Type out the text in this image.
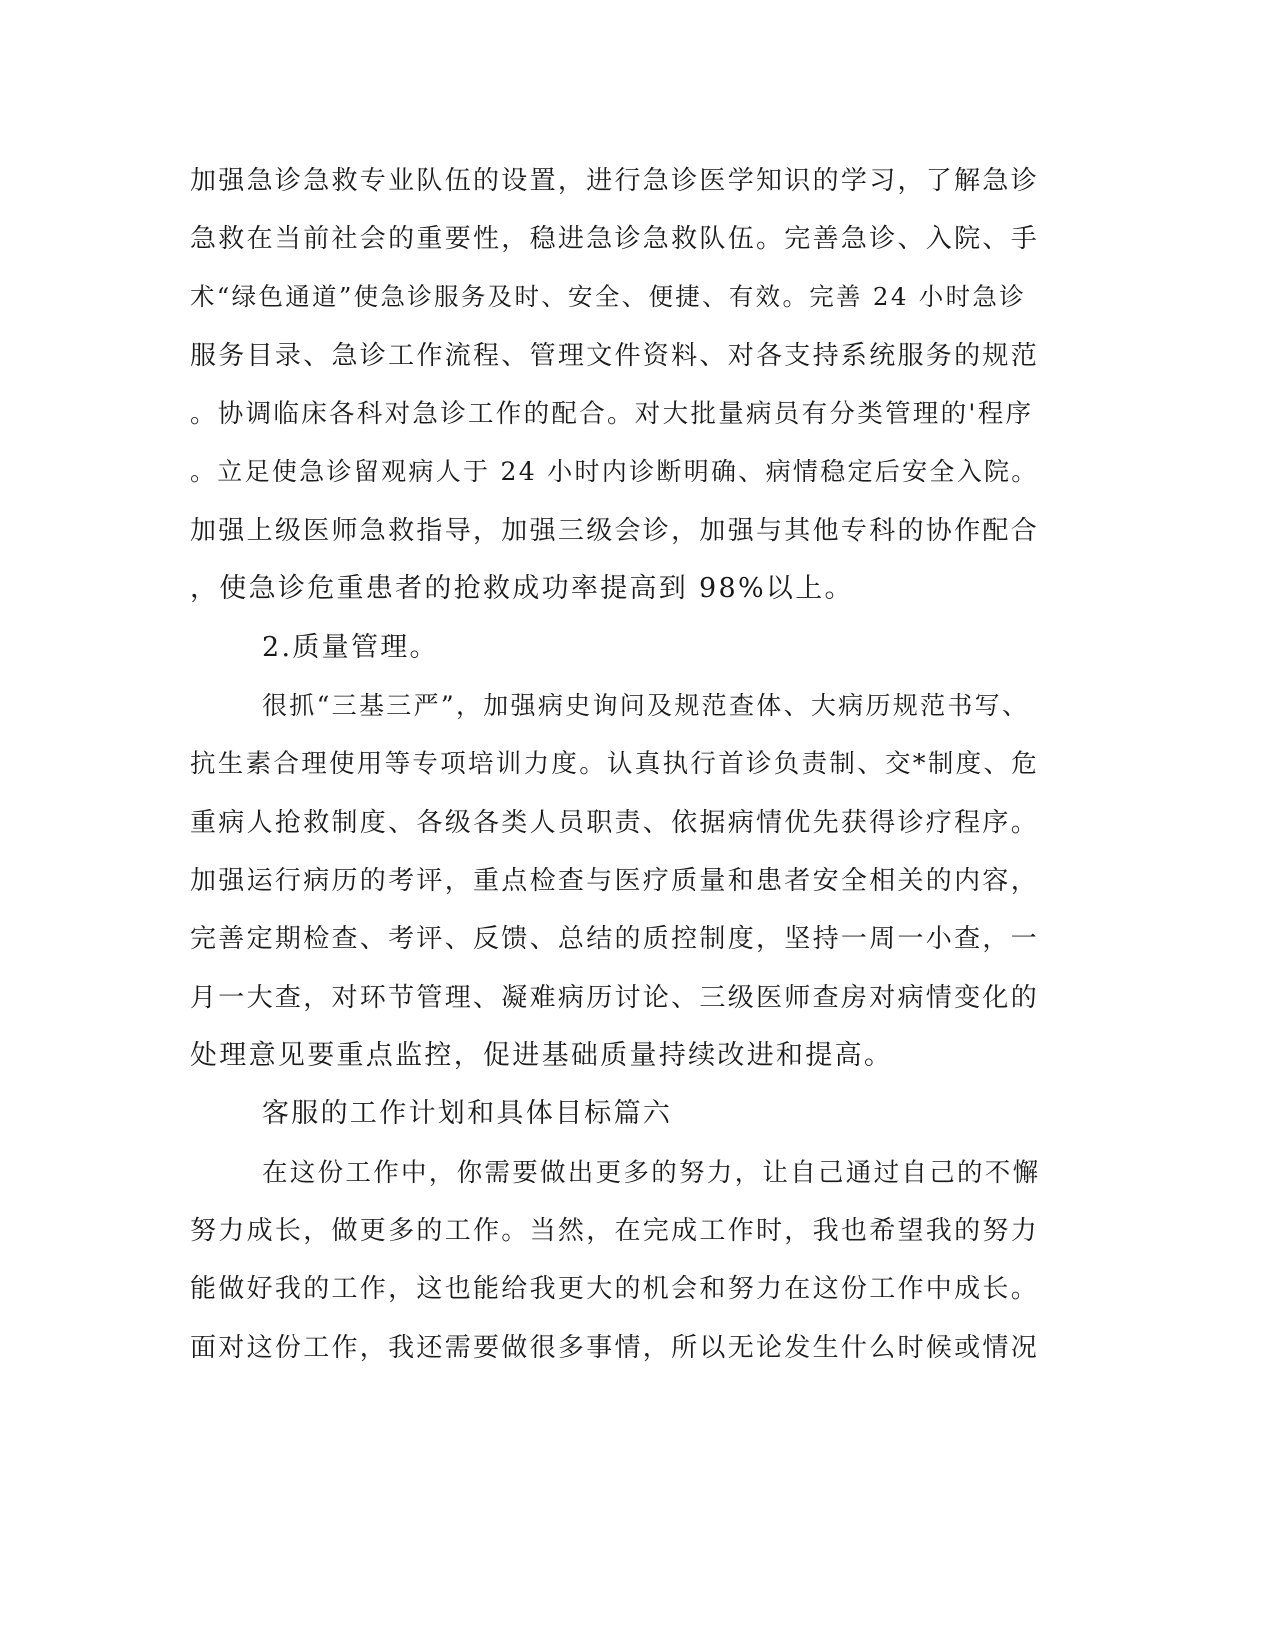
加强急诊急救专业队伍的设置，进行急诊医学知识的学习，了解急诊

急救在当前社会的重要性，稳进急诊急救队伍。完善急诊、入院、手

术“绿色通道”使急诊服务及时、安全、便捷、有效。完善 24 小时急诊

服务目录、急诊工作流程、管理文件资料、对各支持系统服务的规范

。协调临床各科对急诊工作的配合。对大批量病员有分类管理的'程序

。立足使急诊留观病人于 24 小时内诊断明确、病情稳定后安全入院。

加强上级医师急救指导，加强三级会诊，加强与其他专科的协作配合

，使急诊危重患者的抢救成功率提高到 98%以上。

2.质量管理。

很抓“三基三严”，加强病史询问及规范查体、大病历规范书写、

抗生素合理使用等专项培训力度。认真执行首诊负责制、交*制度、危

重病人抢救制度、各级各类人员职责、依据病情优先获得诊疗程序。

加强运行病历的考评，重点检查与医疗质量和患者安全相关的内容，

完善定期检查、考评、反馈、总结的质控制度，坚持一周一小查，一

月一大查，对环节管理、凝难病历讨论、三级医师查房对病情变化的

处理意见要重点监控，促进基础质量持续改进和提高。

客服的工作计划和具体目标篇六

在这份工作中，你需要做出更多的努力，让自己通过自己的不懈

努力成长，做更多的工作。当然，在完成工作时，我也希望我的努力

能做好我的工作，这也能给我更大的机会和努力在这份工作中成长。

面对这份工作，我还需要做很多事情，所以无论发生什么时候或情况
